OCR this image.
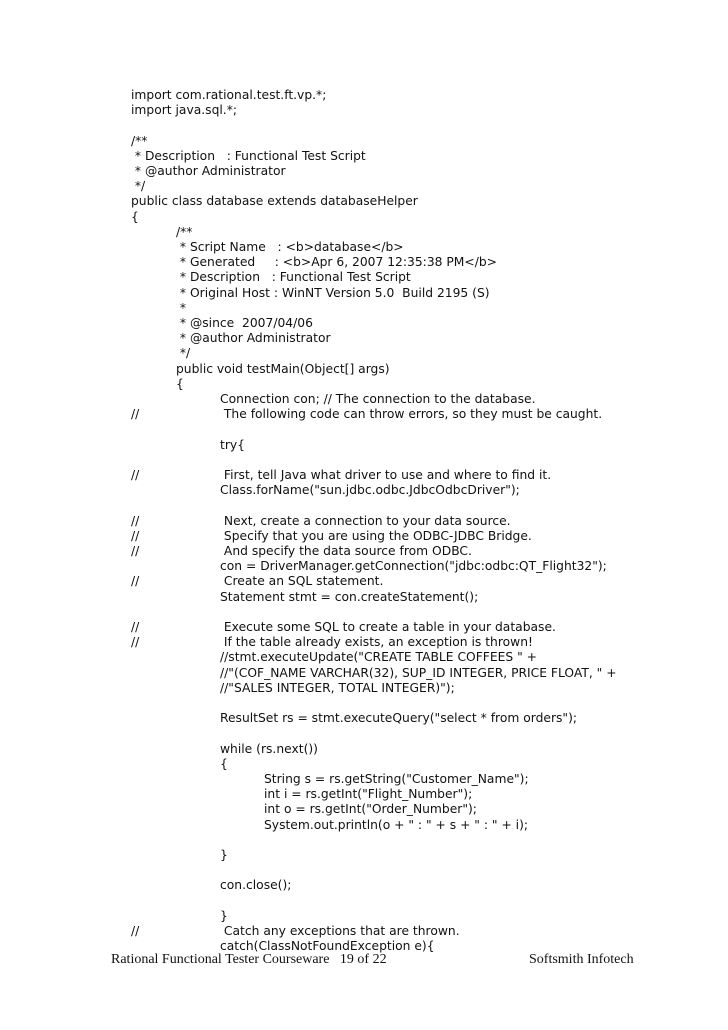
import com.rational.test.ft.vp.*;
import java.sql.*;
/**
* Description   : Functional Test Script
* @author Administrator
*/
public class database extends databaseHelper
{
/**
* Script Name   : <b>database</b>
* Generated     : <b>Apr 6, 2007 12:35:38 PM</b>
* Description   : Functional Test Script
* Original Host : WinNT Version 5.0  Build 2195 (S)
*
* @since  2007/04/06
* @author Administrator
*/
public void testMain(Object[] args)
{
Connection con; // The connection to the database.
//	The following code can throw errors, so they must be caught.
try{
//	First, tell Java what driver to use and where to find it.
Class.forName("sun.jdbc.odbc.JdbcOdbcDriver");
//	Next, create a connection to your data source.
//	Specify that you are using the ODBC-JDBC Bridge.
//	And specify the data source from ODBC.
con = DriverManager.getConnection("jdbc:odbc:QT_Flight32");
//	Create an SQL statement.
Statement stmt = con.createStatement();
//	Execute some SQL to create a table in your database.
//	If the table already exists, an exception is thrown!
//stmt.executeUpdate("CREATE TABLE COFFEES " +
//"(COF_NAME VARCHAR(32), SUP_ID INTEGER, PRICE FLOAT, " +
//"SALES INTEGER, TOTAL INTEGER)");
ResultSet rs = stmt.executeQuery("select * from orders");
while (rs.next())
{
String s = rs.getString("Customer_Name");
int i = rs.getInt("Flight_Number");
int o = rs.getInt("Order_Number");
System.out.println(o + " : " + s + " : " + i);
}
con.close();
}
//	Catch any exceptions that are thrown.
catch(ClassNotFoundException e){
Rational Functional Tester Courseware   19 of 22	Softsmith Infotech
